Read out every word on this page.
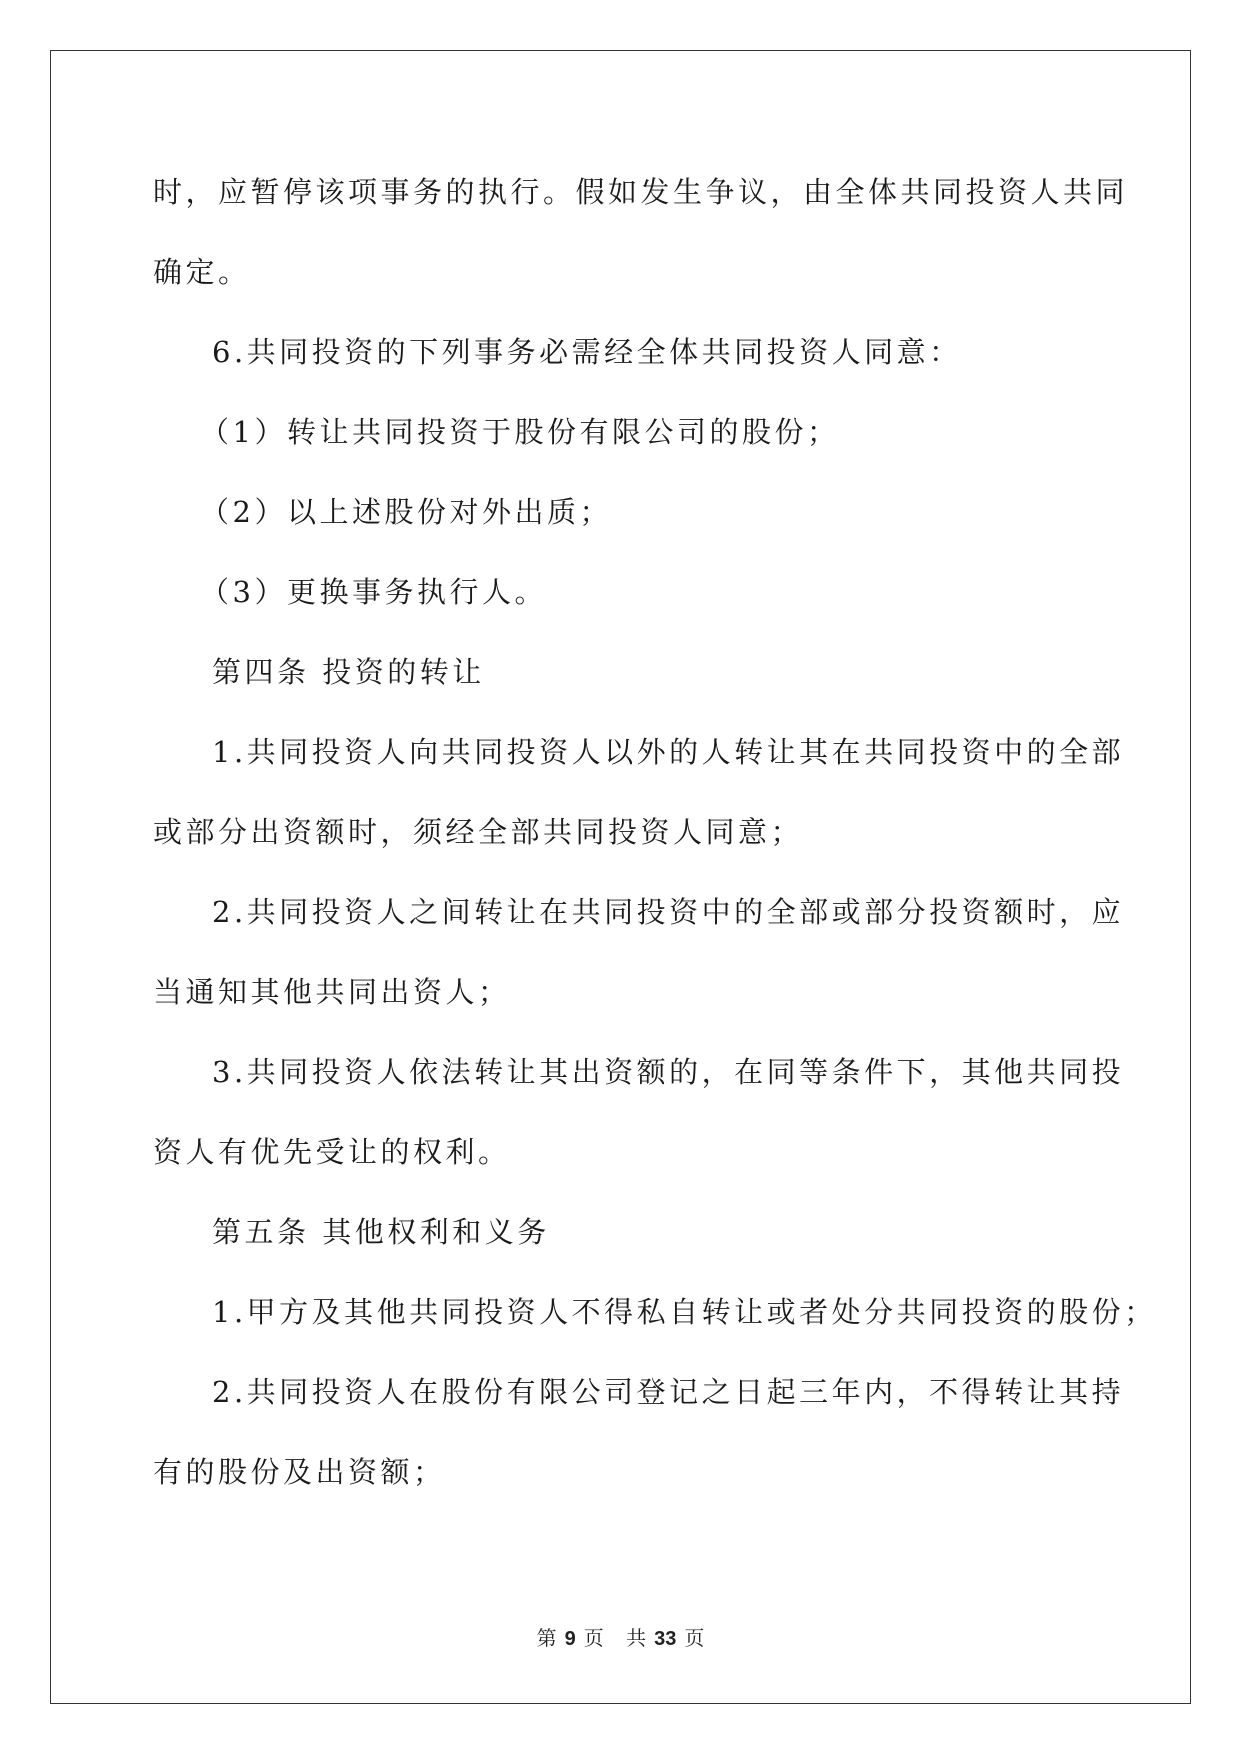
时，应暂停该项事务的执行。假如发生争议，由全体共同投资人共同
确定。
6.共同投资的下列事务必需经全体共同投资人同意：
（1）转让共同投资于股份有限公司的股份；
（2）以上述股份对外出质；
（3）更换事务执行人。
第四条 投资的转让
1.共同投资人向共同投资人以外的人转让其在共同投资中的全部
或部分出资额时，须经全部共同投资人同意；
2.共同投资人之间转让在共同投资中的全部或部分投资额时，应
当通知其他共同出资人；
3.共同投资人依法转让其出资额的，在同等条件下，其他共同投
资人有优先受让的权利。
第五条 其他权利和义务
1.甲方及其他共同投资人不得私自转让或者处分共同投资的股份；
2.共同投资人在股份有限公司登记之日起三年内，不得转让其持
有的股份及出资额；
第 9 页 共 33 页
